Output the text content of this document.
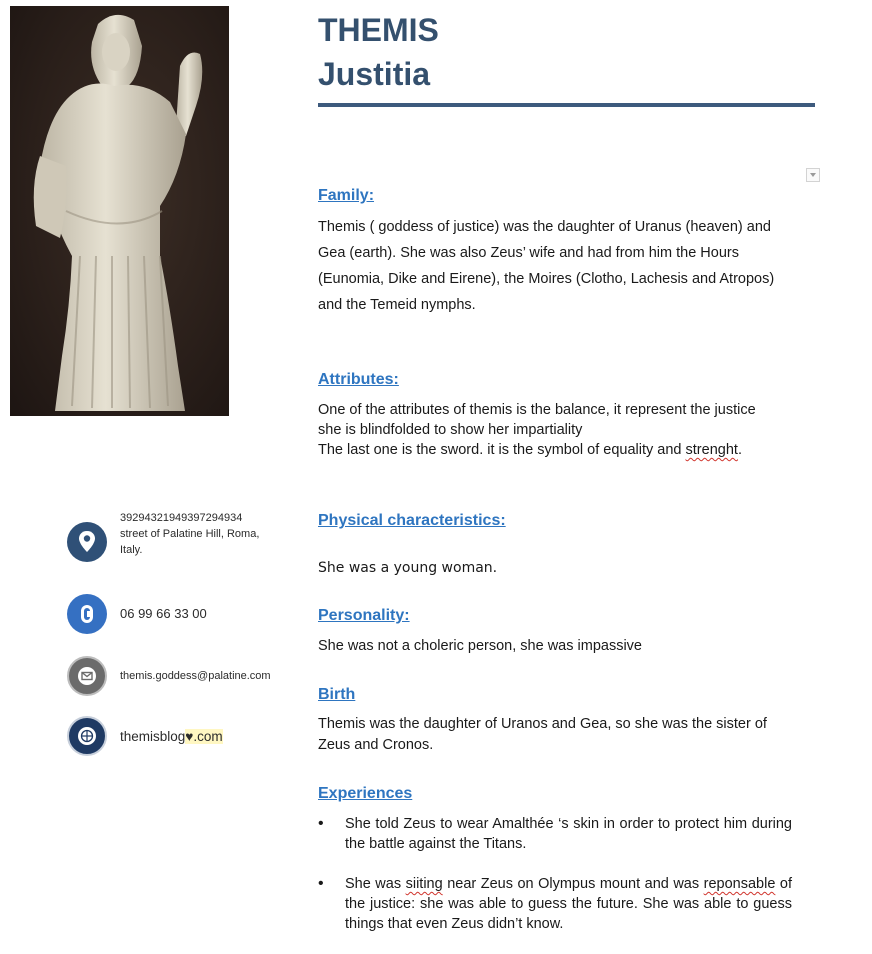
THEMIS
Justitia
Family:
Themis ( goddess of justice) was the daughter of Uranus (heaven) and
Gea (earth). She was also Zeus’ wife and had from him the Hours
(Eunomia, Dike and Eirene), the Moires (Clotho, Lachesis and Atropos)
and the Temeid nymphs.
Attributes:
One of the attributes of themis is the balance, it represent the justice
she is blindfolded to show her impartiality
The last one is the sword. it is the symbol of equality and strenght.
Physical characteristics:

She was a young woman.

Personality:

She was not a choleric person, she was impassive

Birth
Themis was the daughter of Uranos and Gea, so she was the sister of
Zeus and Cronos.
Experiences
• She told Zeus to wear Amalthée ‘s skin in order to protect him during the battle against the Titans.
• She was siiting near Zeus on Olympus mount and was reponsable of the justice: she was able to guess the future. She was able to guess things that even Zeus didn’t know.
39294321949397294934
street of Palatine Hill, Roma,
Italy.
06 99 66 33 00
themis.goddess@palatine.com
themisblog♥.com
